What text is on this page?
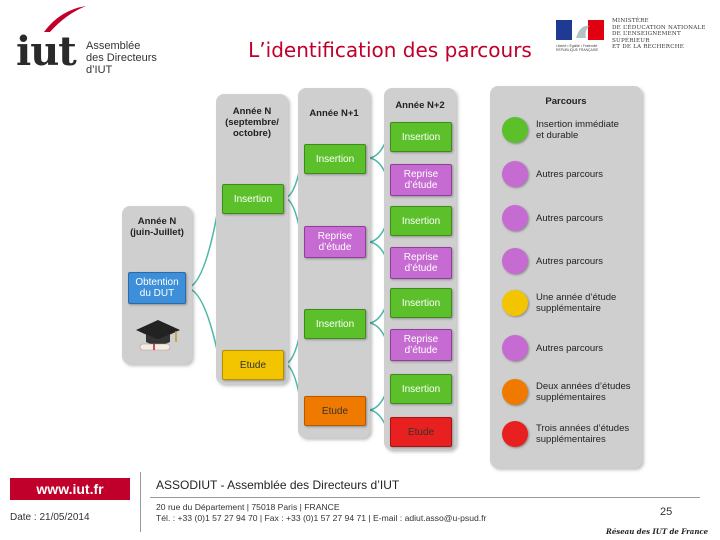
iut Assemblée
des Directeurs
d’IUT
L’identification des parcours
MINISTÈRE
DE L’ÉDUCATION NATIONALE
DE L’ENSEIGNEMENT SUPÉRIEUR
ET DE LA RECHERCHE
Liberté • Égalité • Fraternité RÉPUBLIQUE FRANÇAISE
Année N
(juin-Juillet)
Obtention
du DUT
Année N
(septembre/
octobre)
Insertion
Etude
Année N+1
Insertion
Reprise
d’étude
Insertion
Etude
Année N+2
Insertion
Reprise
d’étude
Insertion
Reprise
d’étude
Insertion
Reprise
d’étude
Insertion
Etude
Parcours
Insertion immédiate
et durable
Autres parcours
Autres parcours
Autres parcours
Une année d’étude
supplémentaire
Autres parcours
Deux années d’études
supplémentaires
Trois années d’études
supplémentaires
www.iut.fr
Date : 21/05/2014
ASSODIUT - Assemblée des Directeurs d’IUT
20 rue du Département | 75018 Paris | FRANCE
Tél. : +33 (0)1 57 27 94 70 | Fax : +33 (0)1 57 27 94 71 | E-mail : adiut.asso@u-psud.fr	25
Réseau des IUT de France
